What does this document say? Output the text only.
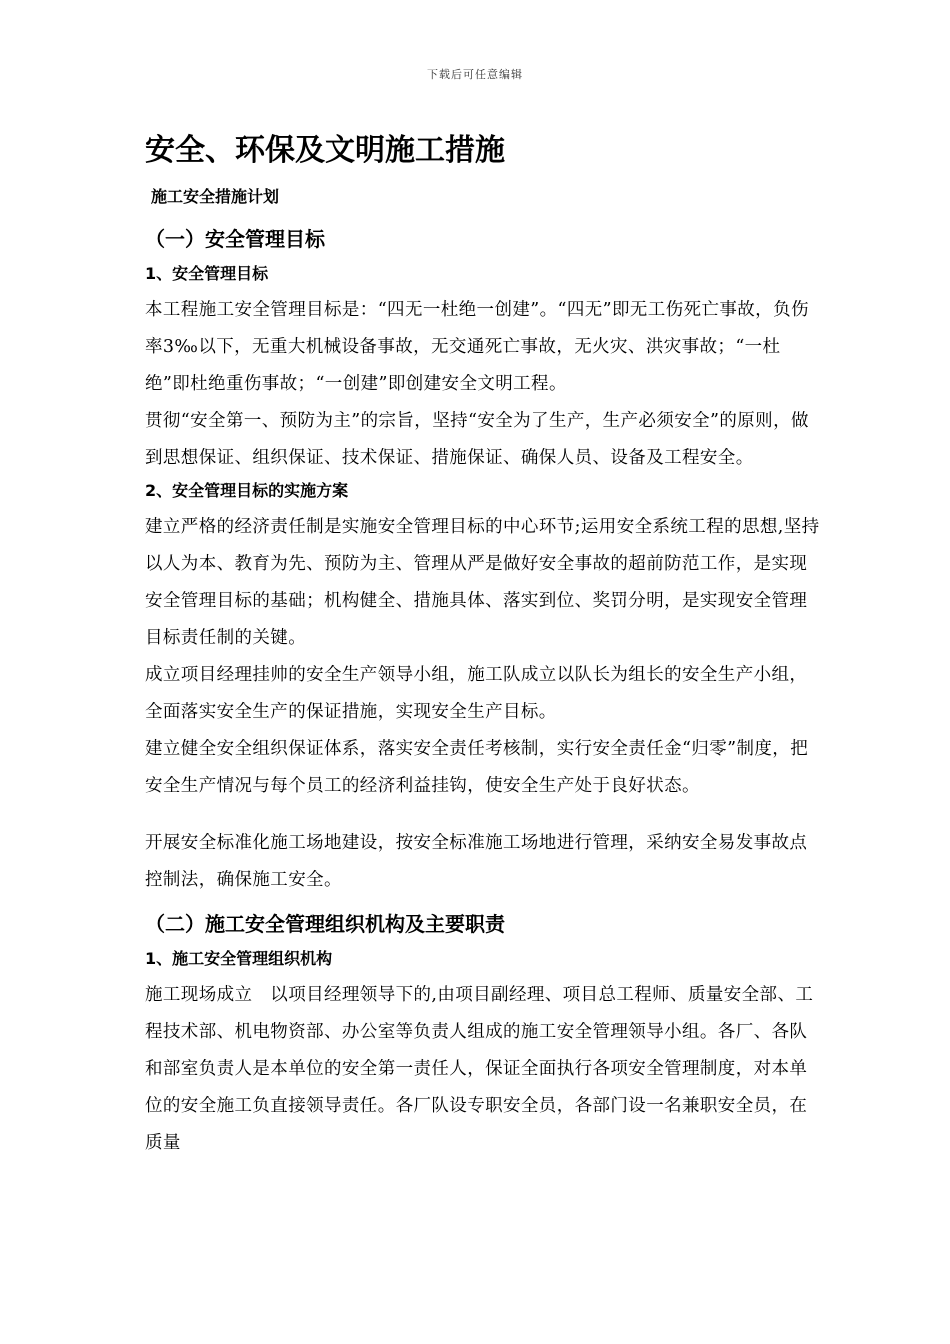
下载后可任意编辑
安全、环保及文明施工措施
施工安全措施计划
（一）安全管理目标
1、安全管理目标

本工程施工安全管理目标是：“四无一杜绝一创建”。“四无”即无工伤死亡事故，负伤率3‰以下，无重大机械设备事故，无交通死亡事故，无火灾、洪灾事故；“一杜绝”即杜绝重伤事故；“一创建”即创建安全文明工程。

贯彻“安全第一、预防为主”的宗旨，坚持“安全为了生产，生产必须安全”的原则，做到思想保证、组织保证、技术保证、措施保证、确保人员、设备及工程安全。

2、安全管理目标的实施方案

建立严格的经济责任制是实施安全管理目标的中心环节;运用安全系统工程的思想,坚持以人为本、教育为先、预防为主、管理从严是做好安全事故的超前防范工作，是实现安全管理目标的基础；机构健全、措施具体、落实到位、奖罚分明，是实现安全管理目标责任制的关键。

成立项目经理挂帅的安全生产领导小组，施工队成立以队长为组长的安全生产小组，全面落实安全生产的保证措施，实现安全生产目标。

建立健全安全组织保证体系，落实安全责任考核制，实行安全责任金“归零”制度，把安全生产情况与每个员工的经济利益挂钩，使安全生产处于良好状态。

开展安全标准化施工场地建设，按安全标准施工场地进行管理，采纳安全易发事故点控制法，确保施工安全。

（二）施工安全管理组织机构及主要职责
1、施工安全管理组织机构

施工现场成立　以项目经理领导下的,由项目副经理、项目总工程师、质量安全部、工程技术部、机电物资部、办公室等负责人组成的施工安全管理领导小组。各厂、各队和部室负责人是本单位的安全第一责任人，保证全面执行各项安全管理制度，对本单位的安全施工负直接领导责任。各厂队设专职安全员，各部门设一名兼职安全员，在质量
